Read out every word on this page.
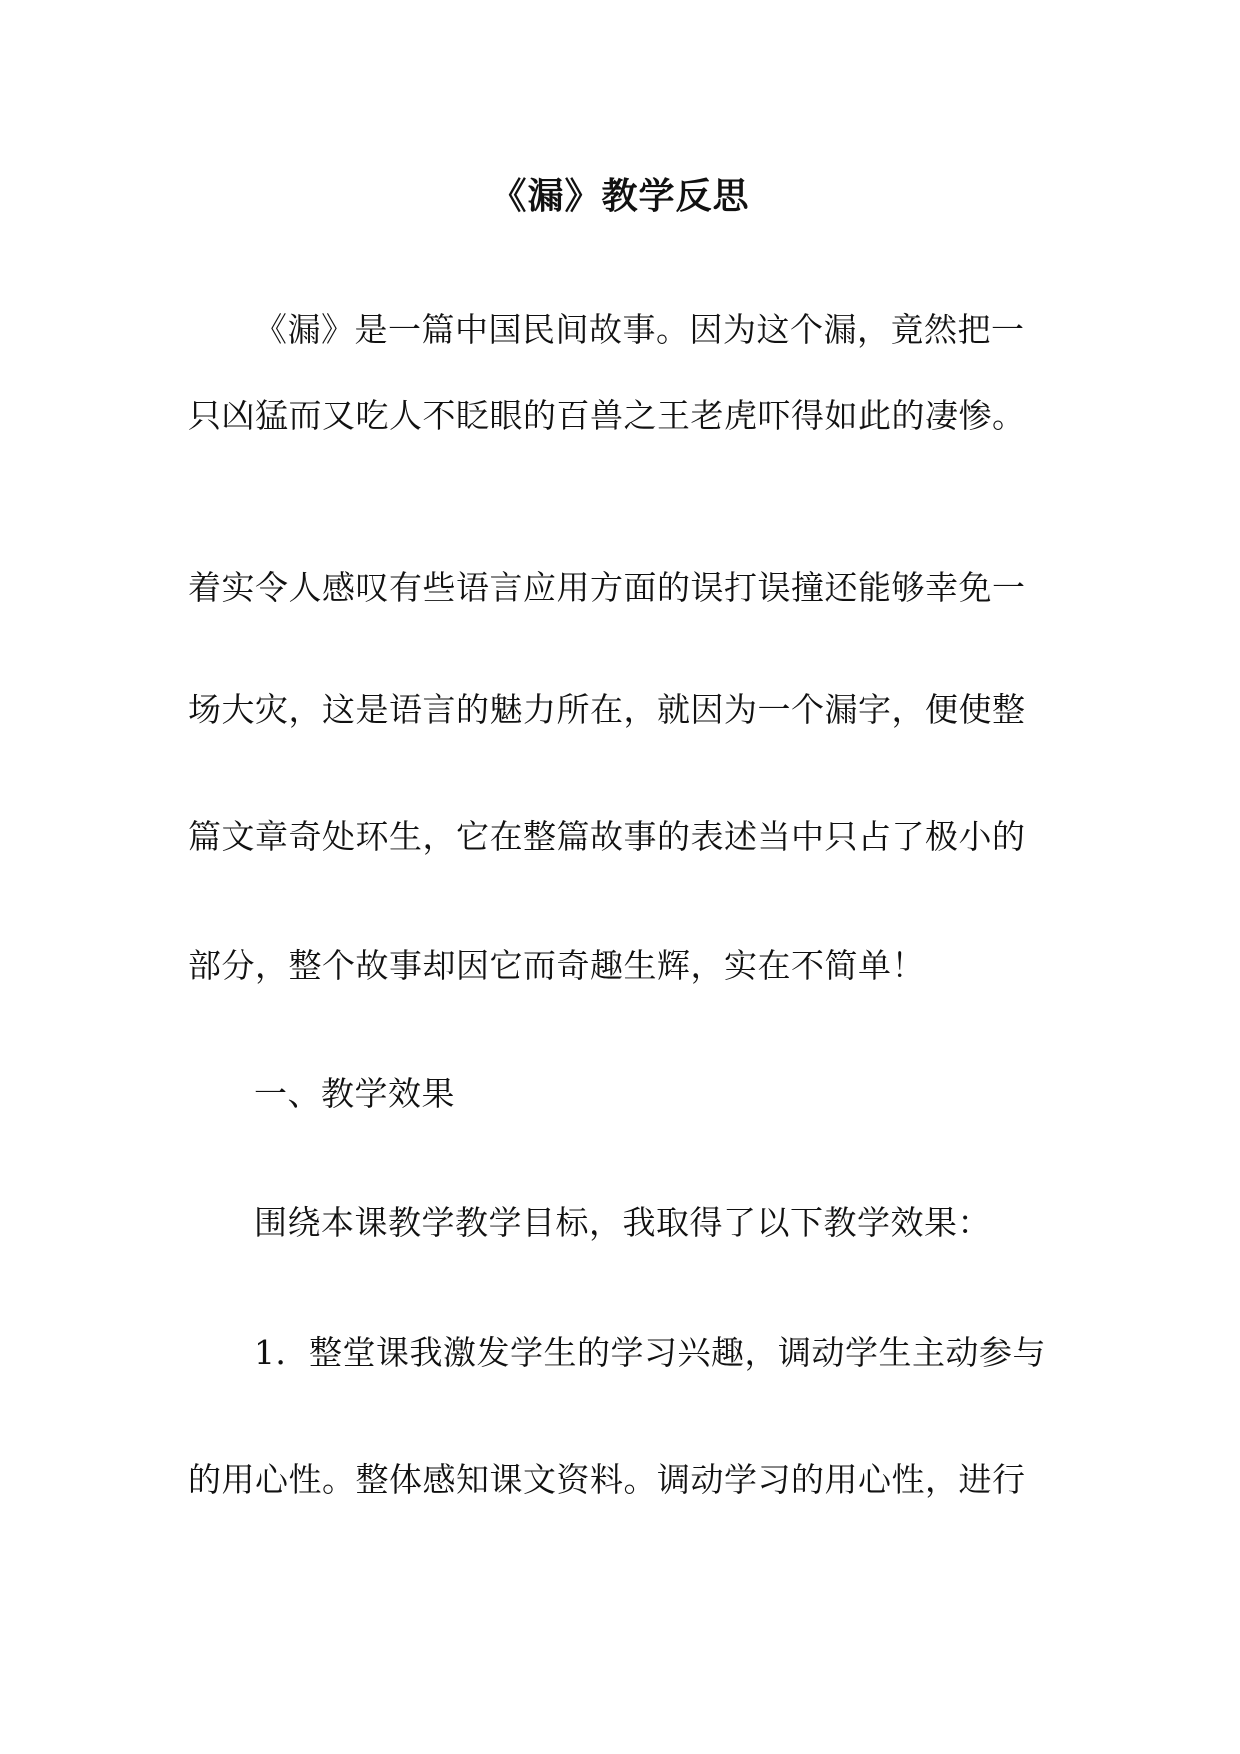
《漏》教学反思

《漏》是一篇中国民间故事。因为这个漏，竟然把一

只凶猛而又吃人不眨眼的百兽之王老虎吓得如此的凄惨。

着实令人感叹有些语言应用方面的误打误撞还能够幸免一

场大灾，这是语言的魅力所在，就因为一个漏字，便使整

篇文章奇处环生，它在整篇故事的表述当中只占了极小的

部分，整个故事却因它而奇趣生辉，实在不简单！

一、教学效果

围绕本课教学教学目标，我取得了以下教学效果：

1．整堂课我激发学生的学习兴趣，调动学生主动参与

的用心性。整体感知课文资料。调动学习的用心性，进行
